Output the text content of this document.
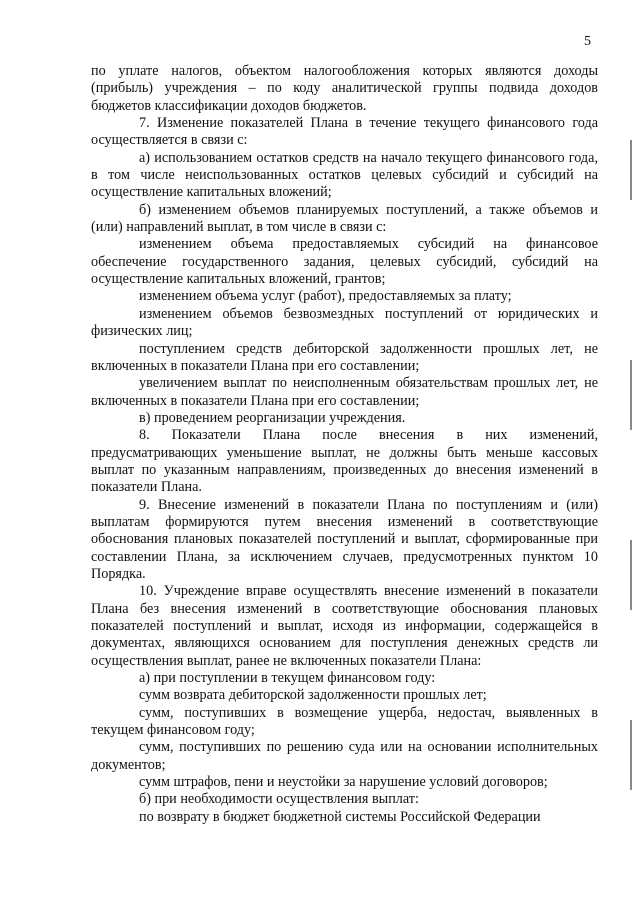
5

по уплате налогов, объектом налогообложения которых являются доходы (прибыль) учреждения – по коду аналитической группы подвида доходов бюджетов классификации доходов бюджетов.

7. Изменение показателей Плана в течение текущего финансового года осуществляется в связи с:

а) использованием остатков средств на начало текущего финансового года, в том числе неиспользованных остатков целевых субсидий и субсидий на осуществление капитальных вложений;

б) изменением объемов планируемых поступлений, а также объемов и (или) направлений выплат, в том числе в связи с:

изменением объема предоставляемых субсидий на финансовое обеспечение государственного задания, целевых субсидий, субсидий на осуществление капитальных вложений, грантов;

изменением объема услуг (работ), предоставляемых за плату;

изменением объемов безвозмездных поступлений от юридических и физических лиц;

поступлением средств дебиторской задолженности прошлых лет, не включенных в показатели Плана при его составлении;

увеличением выплат по неисполненным обязательствам прошлых лет, не включенных в показатели Плана при его составлении;

в) проведением реорганизации учреждения.

8. Показатели Плана после внесения в них изменений, предусматривающих уменьшение выплат, не должны быть меньше кассовых выплат по указанным направлениям, произведенных до внесения изменений в показатели Плана.

9. Внесение изменений в показатели Плана по поступлениям и (или) выплатам формируются путем внесения изменений в соответствующие обоснования плановых показателей поступлений и выплат, сформированные при составлении Плана, за исключением случаев, предусмотренных пунктом 10 Порядка.

10. Учреждение вправе осуществлять внесение изменений в показатели Плана без внесения изменений в соответствующие обоснования плановых показателей поступлений и выплат, исходя из информации, содержащейся в документах, являющихся основанием для поступления денежных средств ли осуществления выплат, ранее не включенных показатели Плана:

а) при поступлении в текущем финансовом году:

сумм возврата дебиторской задолженности прошлых лет;

сумм, поступивших в возмещение ущерба, недостач, выявленных в текущем финансовом году;

сумм, поступивших по решению суда или на основании исполнительных документов;

сумм штрафов, пени и неустойки за нарушение условий договоров;

б) при необходимости осуществления выплат:

по возврату в бюджет бюджетной системы Российской Федерации
